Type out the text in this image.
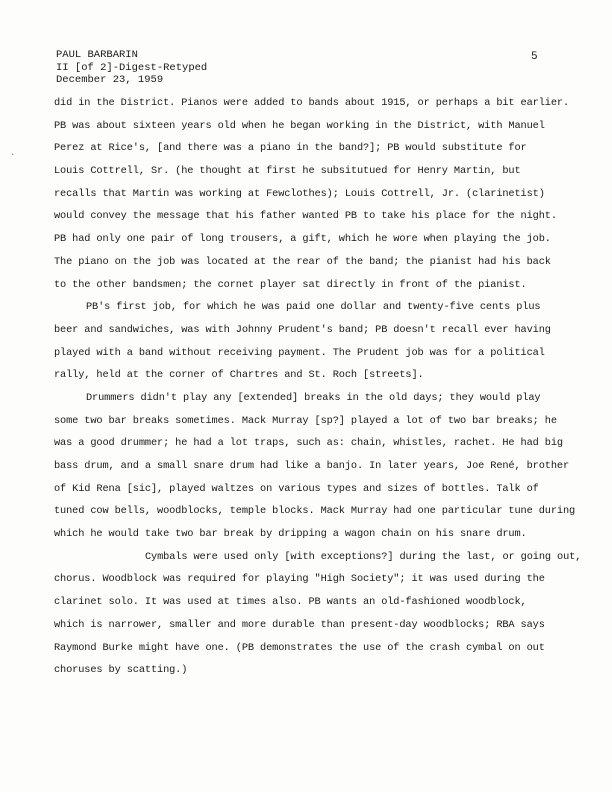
PAUL BARBARIN
II [of 2]-Digest-Retyped
December 23, 1959
5
·
did in the District. Pianos were added to bands about 1915, or perhaps a bit earlier.
PB was about sixteen years old when he began working in the District, with Manuel
Perez at Rice's, [and there was a piano in the band?]; PB would substitute for
Louis Cottrell, Sr. (he thought at first he subsitutued for Henry Martin, but
recalls that Martin was working at Fewclothes); Louis Cottrell, Jr. (clarinetist)
would convey the message that his father wanted PB to take his place for the night.
PB had only one pair of long trousers, a gift, which he wore when playing the job.
The piano on the job was located at the rear of the band; the pianist had his back
to the other bandsmen; the cornet player sat directly in front of the pianist.
PB's first job, for which he was paid one dollar and twenty-five cents plus
beer and sandwiches, was with Johnny Prudent's band; PB doesn't recall ever having
played with a band without receiving payment. The Prudent job was for a political
rally, held at the corner of Chartres and St. Roch [streets].
Drummers didn't play any [extended] breaks in the old days; they would play
some two bar breaks sometimes. Mack Murray [sp?] played a lot of two bar breaks; he
was a good drummer; he had a lot traps, such as: chain, whistles, rachet. He had big
bass drum, and a small snare drum had like a banjo. In later years, Joe René, brother
of Kid Rena [sic], played waltzes on various types and sizes of bottles. Talk of
tuned cow bells, woodblocks, temple blocks. Mack Murray had one particular tune during
which he would take two bar break by dripping a wagon chain on his snare drum.
Cymbals were used only [with exceptions?] during the last, or going out,
chorus. Woodblock was required for playing "High Society"; it was used during the
clarinet solo. It was used at times also. PB wants an old-fashioned woodblock,
which is narrower, smaller and more durable than present-day woodblocks; RBA says
Raymond Burke might have one. (PB demonstrates the use of the crash cymbal on out
choruses by scatting.)
